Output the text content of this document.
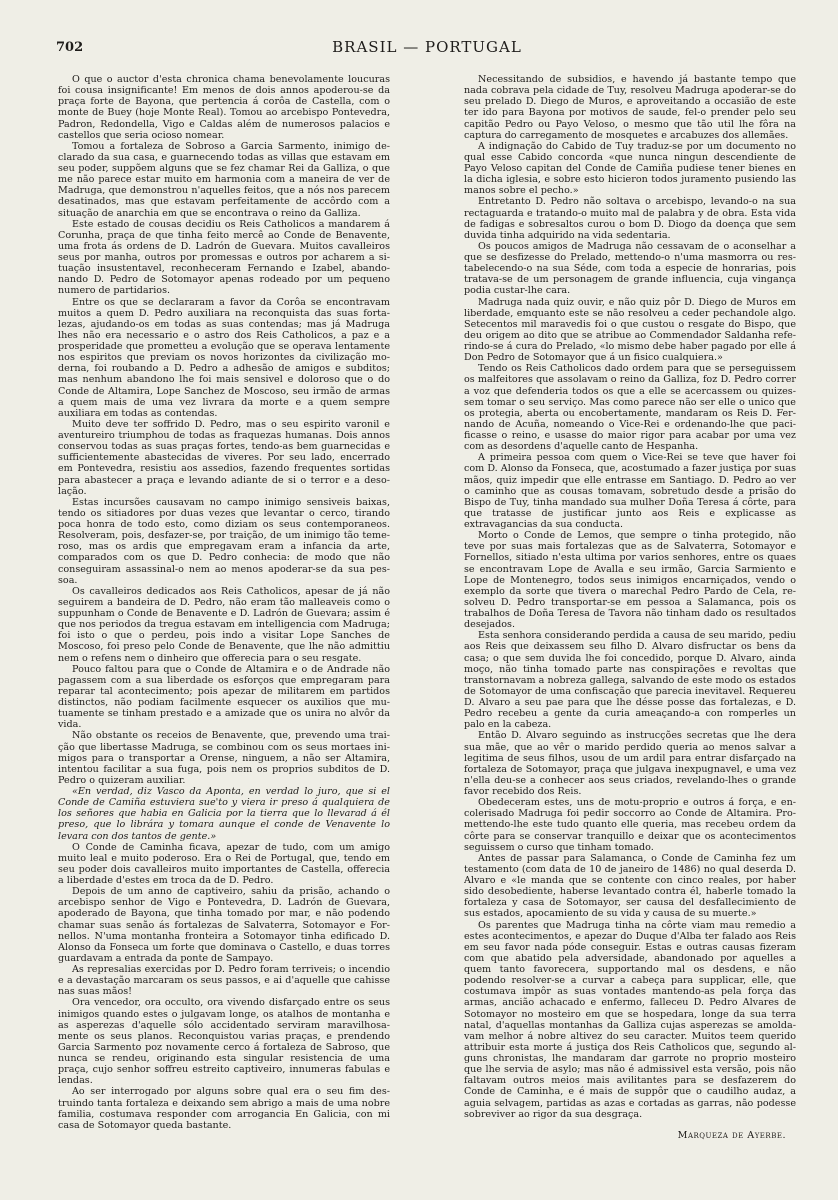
702	BRASIL — PORTUGAL

O que o auctor d'esta chronica chama benevolamente loucuras foi cousa insignificante! Em menos de dois annos apoderou-se da praça forte de Bayona, que pertencia á corôa de Castella, com o monte de Buey (hoje Monte Real). Tomou ao arcebispo Pontevedra, Padron, Redondella, Vigo e Caldas além de numerosos palacios e castellos que seria ocioso nomear.

Tomou a fortaleza de Sobroso a Garcia Sarmento, inimigo declarado da sua casa, e guarnecendo todas as villas que estavam em seu poder, suppõem alguns que se fez chamar Rei da Galliza, o que me não parece estar muito em harmonia com a maneira de ver de Madruga, que demonstrou n'aquelles feitos, que a nós nos parecem desatinados, mas que estavam perfeitamente de accôrdo com a situação de anarchia em que se encontrava o reino da Galliza.

Este estado de cousas decidiu os Reis Catholicos a mandarem á Corunha, praça de que tinha feito mercê ao Conde de Benavente, uma frota ás ordens de D. Ladrón de Guevara. Muitos cavalleiros seus por manha, outros por promessas e outros por acharem a situação insustentavel, reconheceram Fernando e Izabel, abandonando D. Pedro de Sotomayor apenas rodeado por um pequeno numero de partidarios.

Entre os que se declararam a favor da Corôa se encontravam muitos a quem D. Pedro auxiliara na reconquista das suas fortalezas, ajudando-os em todas as suas contendas; mas já Madruga lhes não era necessario e o astro dos Reis Catholicos, a paz e a prosperidade que prometteu a evolução que se operava lentamente nos espiritos que previam os novos horizontes da civilização moderna, foi roubando a D. Pedro a adhesão de amigos e subditos; mas nenhum abandono lhe foi mais sensivel e doloroso que o do Conde de Altamira, Lope Sanchez de Moscoso, seu irmão de armas a quem mais de uma vez livrara da morte e a quem sempre auxiliara em todas as contendas.

Muito deve ter soffrido D. Pedro, mas o seu espirito varonil e aventureiro triumphou de todas as fraquezas humanas. Dois annos conservou todas as suas praças fortes, tendo-as bem guarnecidas e sufficientemente abastecidas de viveres. Por seu lado, encerrado em Pontevedra, resistiu aos assedios, fazendo frequentes sortidas para abastecer a praça e levando adiante de si o terror e a desolação.

Estas incursões causavam no campo inimigo sensiveis baixas, tendo os sitiadores por duas vezes que levantar o cerco, tirando poca honra de todo esto, como diziam os seus contemporaneos. Resolveram, pois, desfazer-se, por traição, de um inimigo tão temeroso, mas os ardis que empregavam eram a infancia da arte, comparados com os que D. Pedro conhecia: de modo que não conseguiram assassinal-o nem ao menos apoderar-se da sua pessoa.

Os cavalleiros dedicados aos Reis Catholicos, apesar de já não seguirem a bandeira de D. Pedro, não eram tão malleaveis como o suppunham o Conde de Benavente e D. Ladrón de Guevara; assim é que nos periodos da tregua estavam em intelligencia com Madruga; foi isto o que o perdeu, pois indo a visitar Lope Sanches de Moscoso, foi preso pelo Conde de Benavente, que lhe não admittiu nem o refens nem o dinheiro que offerecia para o seu resgate.

Pouco faltou para que o Conde de Altamira e o de Andrade não pagassem com a sua liberdade os esforços que empregaram para reparar tal acontecimento; pois apezar de militarem em partidos distinctos, não podiam facilmente esquecer os auxilios que mutuamente se tinham prestado e a amizade que os unira no alvôr da vida.

Não obstante os receios de Benavente, que, prevendo uma traição que libertasse Madruga, se combinou com os seus mortaes inimigos para o transportar a Orense, ninguem, a não ser Altamira, intentou facilitar a sua fuga, pois nem os proprios subditos de D. Pedro o quizeram auxiliar.

«En verdad, diz Vasco da Aponta, en verdad lo juro, que si el Conde de Camiña estuviera sue'to y viera ir preso á qualquiera de los señores que habia en Galicia por la tierra que lo llevarad á él preso, que lo librára y tomara aunque el conde de Venavente lo levara con dos tantos de gente.»

O Conde de Caminha ficava, apezar de tudo, com um amigo muito leal e muito poderoso. Era o Rei de Portugal, que, tendo em seu poder dois cavalleiros muito importantes de Castella, offerecia a liberdade d'estes em troca da de D. Pedro.

Depois de um anno de captiveiro, sahiu da prisão, achando o arcebispo senhor de Vigo e Pontevedra, D. Ladrón de Guevara, apoderado de Bayona, que tinha tomado por mar, e não podendo chamar suas senão ás fortalezas de Salvaterra, Sotomayor e Fornellos. N'uma montanha fronteira a Sotomayor tinha edificado D. Alonso da Fonseca um forte que dominava o Castello, e duas torres guardavam a entrada da ponte de Sampayo.

As represalias exercidas por D. Pedro foram terriveis; o incendio e a devastação marcaram os seus passos, e ai d'aquelle que cahisse nas suas mãos!

Ora vencedor, ora occulto, ora vivendo disfarçado entre os seus inimigos quando estes o julgavam longe, os atalhos de montanha e as asperezas d'aquelle sólo accidentado serviram maravilhosamente os seus planos. Reconquistou varias praças, e prendendo Garcia Sarmento poz novamente cerco á fortaleza de Sabroso, que nunca se rendeu, originando esta singular resistencia de uma praça, cujo senhor soffreu estreito captiveiro, innumeras fabulas e lendas.

Ao ser interrogado por alguns sobre qual era o seu fim destruindo tanta fortaleza e deixando sem abrigo a mais de uma nobre familia, costumava responder com arrogancia En Galicia, con mi casa de Sotomayor queda bastante.

Necessitando de subsidios, e havendo já bastante tempo que nada cobrava pela cidade de Tuy, resolveu Madruga apoderar-se do seu prelado D. Diego de Muros, e aproveitando a occasião de este ter ido para Bayona por motivos de saude, fel-o prender pelo seu capitão Pedro ou Payo Veloso, o mesmo que tão util lhe fôra na captura do carregamento de mosquetes e arcabuzes dos allemães.

A indignação do Cabido de Tuy traduz-se por um documento no qual esse Cabido concorda «que nunca ningun descendiente de Payo Veloso capitan del Conde de Camiña pudiese tener bienes en la dicha iglesia, e sobre esto hicieron todos juramento pusiendo las manos sobre el pecho.»

Entretanto D. Pedro não soltava o arcebispo, levando-o na sua rectaguarda e tratando-o muito mal de palabra y de obra. Esta vida de fadigas e sobresaltos curou o bom D. Diogo da doença que sem duvida tinha adquirido na vida sedentaria.

Os poucos amigos de Madruga não cessavam de o aconselhar a que se desfizesse do Prelado, mettendo-o n'uma masmorra ou restabelecendo-o na sua Séde, com toda a especie de honrarias, pois tratava-se de um personagem de grande influencia, cuja vingança podia custar-lhe cara.

Madruga nada quiz ouvir, e não quiz pôr D. Diego de Muros em liberdade, emquanto este se não resolveu a ceder pechandole algo. Setecentos mil maravedis foi o que custou o resgate do Bispo, que deu origem ao dito que se atribue ao Commendador Saldanha referindo-se á cura do Prelado, «lo mismo debe haber pagado por elle á Don Pedro de Sotomayor que á un fisico cualquiera.»

Tendo os Reis Catholicos dado ordem para que se perseguissem os malfeitores que assolavam o reino da Galliza, foz D. Pedro correr a voz que defenderia todos os que a elle se acercassem ou quizessem tomar o seu serviço. Mas como parece não ser elle o unico que os protegia, aberta ou encobertamente, mandaram os Reis D. Fernando de Acuña, nomeando o Vice-Rei e ordenando-lhe que pacificasse o reino, e usasse do maior rigor para acabar por uma vez com as desordens d'aquelle canto de Hespanha.

A primeira pessoa com quem o Vice-Rei se teve que haver foi com D. Alonso da Fonseca, que, acostumado a fazer justiça por suas mãos, quiz impedir que elle entrasse em Santiago. D. Pedro ao ver o caminho que as cousas tomavam, sobretudo desde a prisão do Bispo de Tuy, tinha mandado sua mulher Doña Teresa á côrte, para que tratasse de justificar junto aos Reis e explicasse as extravagancias da sua conducta.

Morto o Conde de Lemos, que sempre o tinha protegido, não teve por suas mais fortalezas que as de Salvaterra, Sotomayor e Fornellos, sitiado n'esta ultima por varios senhores, entre os quaes se encontravam Lope de Avalla e seu irmão, Garcia Sarmiento e Lope de Montenegro, todos seus inimigos encarniçados, vendo o exemplo da sorte que tivera o marechal Pedro Pardo de Cela, resolveu D. Pedro transportar-se em pessoa a Salamanca, pois os trabalhos de Doña Teresa de Tavora não tinham dado os resultados desejados.

Esta senhora considerando perdida a causa de seu marido, pediu aos Reis que deixassem seu filho D. Alvaro disfructar os bens da casa; o que sem duvida lhe foi concedido, porque D. Alvaro, ainda moço, não tinha tomado parte nas conspirações e revoltas que transtornavam a nobreza gallega, salvando de este modo os estados de Sotomayor de uma confiscação que parecia inevitavel. Requereu D. Alvaro a seu pae para que lhe désse posse das fortalezas, e D. Pedro recebeu a gente da curia ameaçando-a con romperles un palo en la cabeza.

Então D. Alvaro seguindo as instrucções secretas que lhe dera sua mãe, que ao vêr o marido perdido queria ao menos salvar a legitima de seus filhos, usou de um ardil para entrar disfarçado na fortaleza de Sotomayor, praça que julgava inexpugnavel, e uma vez n'ella deu-se a conhecer aos seus criados, revelando-lhes o grande favor recebido dos Reis.

Obedeceram estes, uns de motu-proprio e outros á força, e encolerisado Madruga foi pedir soccorro ao Conde de Altamira. Promettendo-lhe este tudo quanto elle queria, mas recebeu ordem da côrte para se conservar tranquillo e deixar que os acontecimentos seguissem o curso que tinham tomado.

Antes de passar para Salamanca, o Conde de Caminha fez um testamento (com data de 10 de janeiro de 1486) no qual deserda D. Alvaro e «le manda que se contente con cinco reales, por haber sido desobediente, haberse levantado contra él, haberle tomado la fortaleza y casa de Sotomayor, ser causa del desfallecimiento de sus estados, apocamiento de su vida y causa de su muerte.»

Os parentes que Madruga tinha na côrte viam mau remedio a estes acontecimentos, e apezar do Duque d'Alba ter falado aos Reis em seu favor nada póde conseguir. Estas e outras causas fizeram com que abatido pela adversidade, abandonado por aquelles a quem tanto favorecera, supportando mal os desdens, e não podendo resolver-se a curvar a cabeça para supplicar, elle, que costumava impôr as suas vontades mantendo-as pela força das armas, ancião achacado e enfermo, falleceu D. Pedro Alvares de Sotomayor no mosteiro em que se hospedara, longe da sua terra natal, d'aquellas montanhas da Galliza cujas asperezas se amoldavam melhor á nobre altivez do seu caracter. Muitos teem querido attribuir esta morte á justiça dos Reis Catholicos que, segundo alguns chronistas, lhe mandaram dar garrote no proprio mosteiro que lhe servia de asylo; mas não é admissivel esta versão, pois não faltavam outros meios mais avilitantes para se desfazerem do Conde de Caminha, e é mais de suppôr que o caudilho audaz, a aguia selvagem, partidas as azas e cortadas as garras, não podesse sobreviver ao rigor da sua desgraça.

Marqueza de Ayerbe.
